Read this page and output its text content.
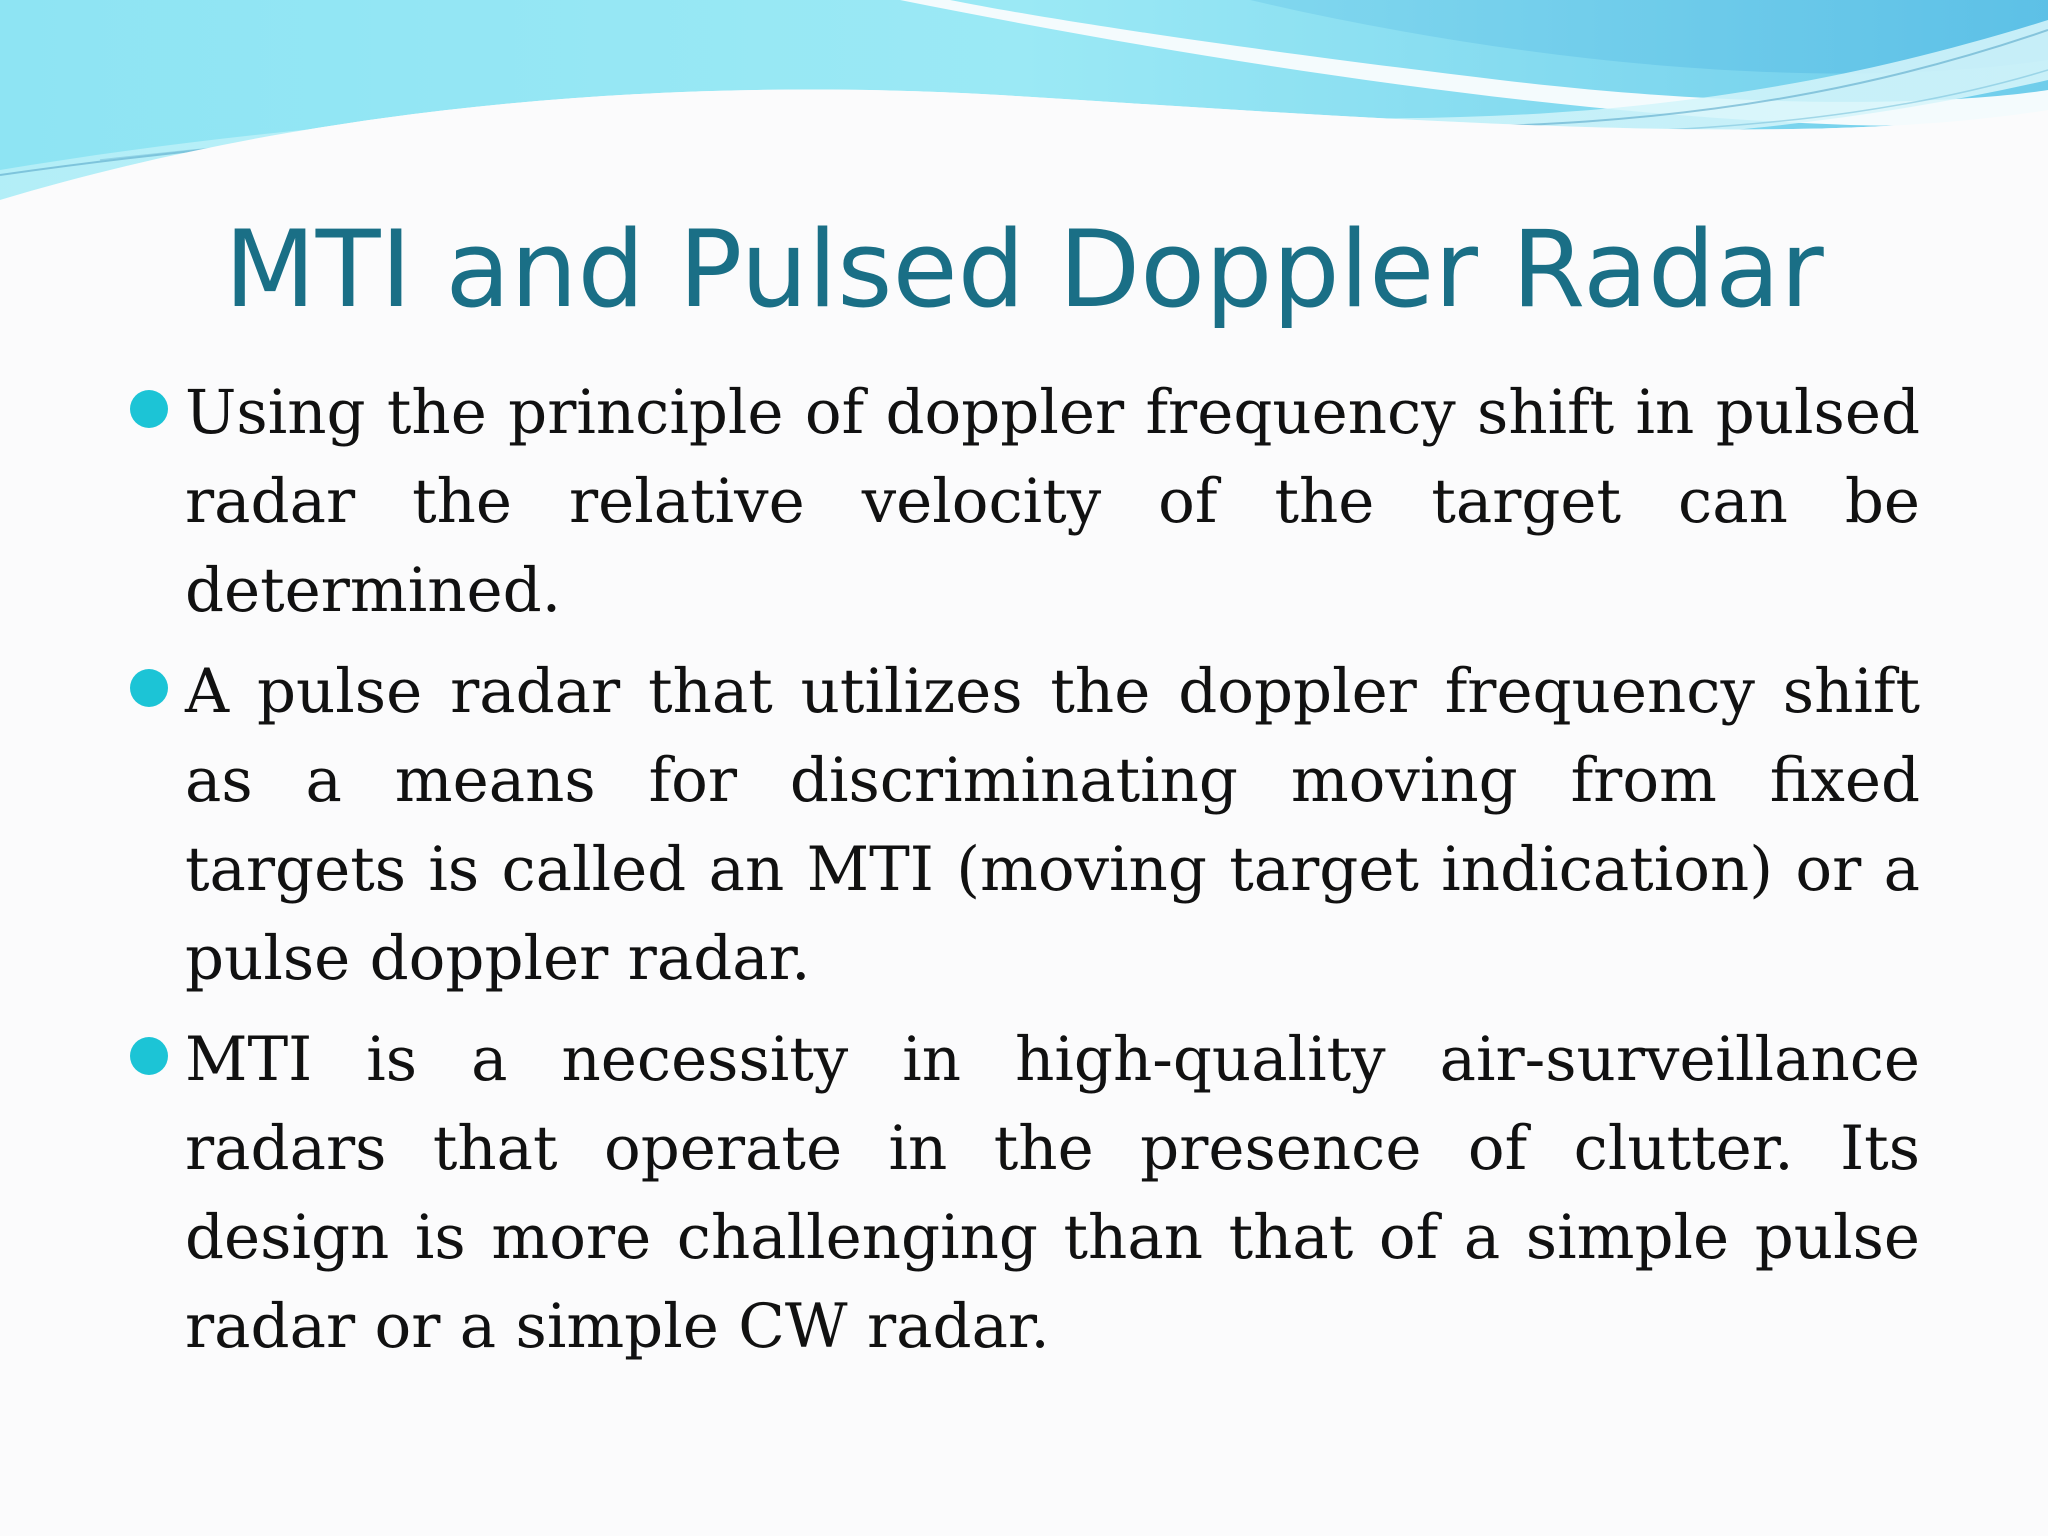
MTI and Pulsed Doppler Radar
Using the principle of doppler frequency shift in pulsed radar the relative velocity of the target can be determined.
A pulse radar that utilizes the doppler frequency shift as a means for discriminating moving from fixed targets is called an MTI (moving target indication) or a pulse doppler radar.
MTI is a necessity in high-quality air-surveillance radars that operate in the presence of clutter. Its design is more challenging than that of a simple pulse radar or a simple CW radar.
